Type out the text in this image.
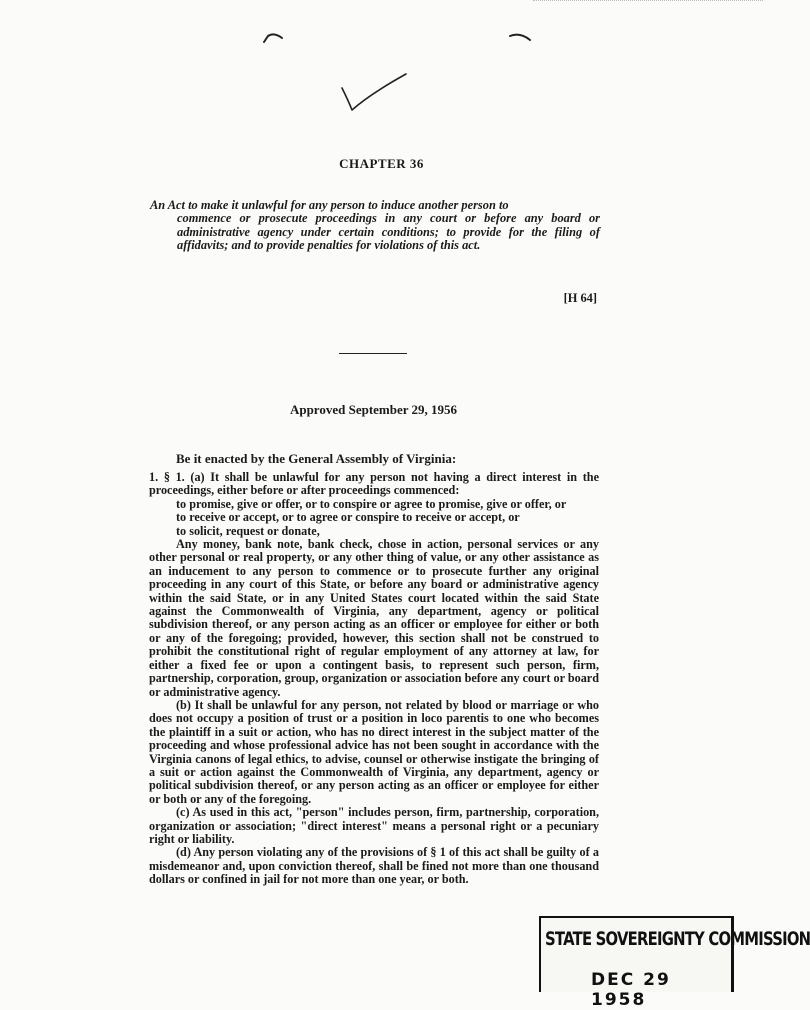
CHAPTER 36
An Act to make it unlawful for any person to induce another person to
commence or prosecute proceedings in any court or before any board or administrative agency under certain conditions; to provide for the filing of affidavits; and to provide penalties for violations of this act.
[H 64]
Approved September 29, 1956
Be it enacted by the General Assembly of Virginia:

1. § 1. (a) It shall be unlawful for any person not having a direct interest in the proceedings, either before or after proceedings commenced:

to promise, give or offer, or to conspire or agree to promise, give or offer, or

to receive or accept, or to agree or conspire to receive or accept, or

to solicit, request or donate,

Any money, bank note, bank check, chose in action, personal services or any other personal or real property, or any other thing of value, or any other assistance as an inducement to any person to commence or to prosecute further any original proceeding in any court of this State, or before any board or administrative agency within the said State, or in any United States court located within the said State against the Commonwealth of Virginia, any department, agency or political subdivision thereof, or any person acting as an officer or employee for either or both or any of the foregoing; provided, however, this section shall not be construed to prohibit the constitutional right of regular employment of any attorney at law, for either a fixed fee or upon a contingent basis, to represent such person, firm, partnership, corporation, group, organization or association before any court or board or administrative agency.

(b) It shall be unlawful for any person, not related by blood or marriage or who does not occupy a position of trust or a position in loco parentis to one who becomes the plaintiff in a suit or action, who has no direct interest in the subject matter of the proceeding and whose professional advice has not been sought in accordance with the Virginia canons of legal ethics, to advise, counsel or otherwise instigate the bringing of a suit or action against the Commonwealth of Virginia, any department, agency or political subdivision thereof, or any person acting as an officer or employee for either or both or any of the foregoing.

(c) As used in this act, "person" includes person, firm, partnership, corporation, organization or association; "direct interest" means a personal right or a pecuniary right or liability.

(d) Any person violating any of the provisions of § 1 of this act shall be guilty of a misdemeanor and, upon conviction thereof, shall be fined not more than one thousand dollars or confined in jail for not more than one year, or both.

STATE SOVEREIGNTY COMMISSION
DEC 29 1958
